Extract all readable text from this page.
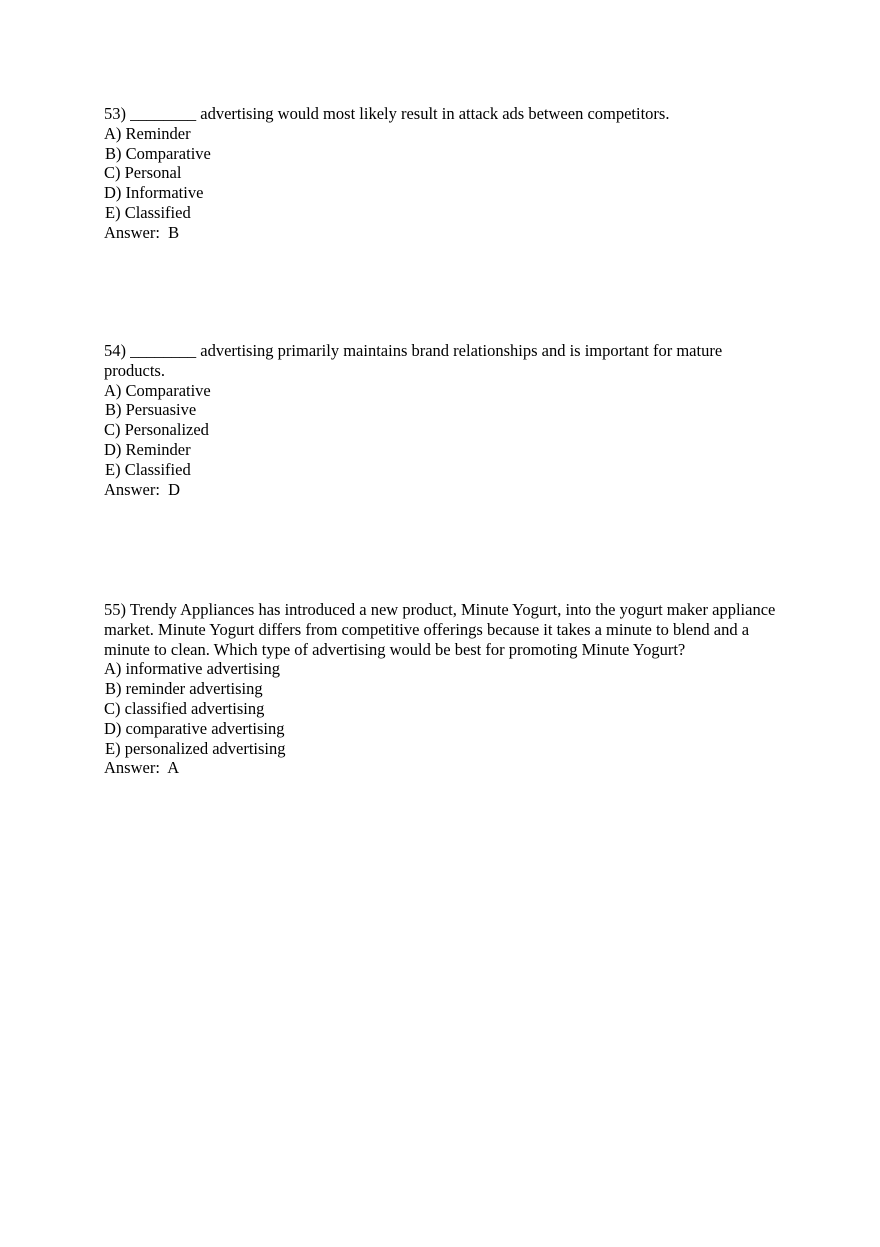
53) ________ advertising would most likely result in attack ads between competitors.

A) Reminder

B) Comparative

C) Personal

D) Informative

E) Classified

Answer:  B

54) ________ advertising primarily maintains brand relationships and is important for mature products.

A) Comparative

B) Persuasive

C) Personalized

D) Reminder

E) Classified

Answer:  D

55) Trendy Appliances has introduced a new product, Minute Yogurt, into the yogurt maker appliance market. Minute Yogurt differs from competitive offerings because it takes a minute to blend and a minute to clean. Which type of advertising would be best for promoting Minute Yogurt?

A) informative advertising

B) reminder advertising

C) classified advertising

D) comparative advertising

E) personalized advertising

Answer:  A
